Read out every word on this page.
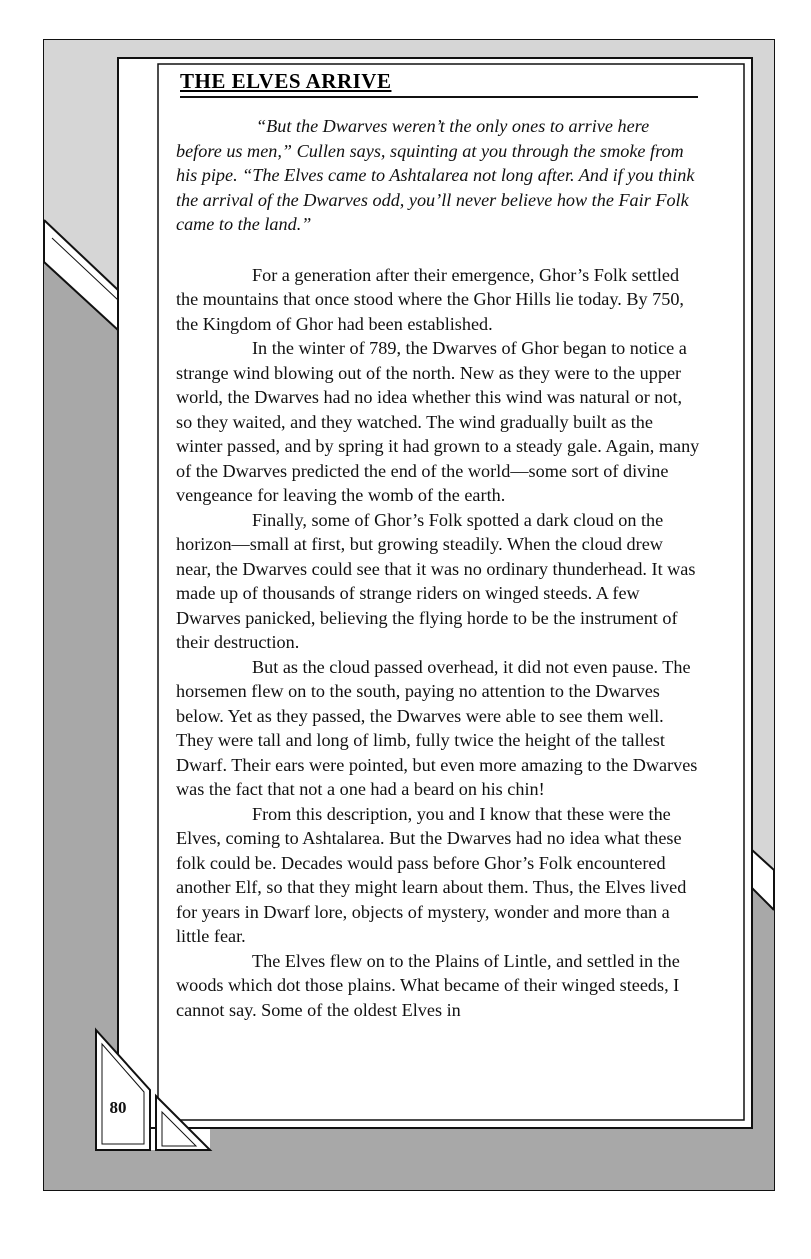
THE ELVES ARRIVE

“But the Dwarves weren’t the only ones to arrive here before us men,” Cullen says, squinting at you through the smoke from his pipe. “The Elves came to Ashtalarea not long after. And if you think the arrival of the Dwarves odd, you’ll never believe how the Fair Folk came to the land.”

For a generation after their emergence, Ghor’s Folk settled the mountains that once stood where the Ghor Hills lie today. By 750, the Kingdom of Ghor had been established.

In the winter of 789, the Dwarves of Ghor began to notice a strange wind blowing out of the north. New as they were to the upper world, the Dwarves had no idea whether this wind was natural or not, so they waited, and they watched. The wind gradually built as the winter passed, and by spring it had grown to a steady gale. Again, many of the Dwarves predicted the end of the world—some sort of divine vengeance for leaving the womb of the earth.

Finally, some of Ghor’s Folk spotted a dark cloud on the horizon—small at first, but growing steadily. When the cloud drew near, the Dwarves could see that it was no ordinary thunderhead. It was made up of thousands of strange riders on winged steeds. A few Dwarves panicked, believing the flying horde to be the instrument of their destruction.

But as the cloud passed overhead, it did not even pause. The horsemen flew on to the south, paying no attention to the Dwarves below. Yet as they passed, the Dwarves were able to see them well. They were tall and long of limb, fully twice the height of the tallest Dwarf. Their ears were pointed, but even more amazing to the Dwarves was the fact that not a one had a beard on his chin!

From this description, you and I know that these were the Elves, coming to Ashtalarea. But the Dwarves had no idea what these folk could be. Decades would pass before Ghor’s Folk encountered another Elf, so that they might learn about them. Thus, the Elves lived for years in Dwarf lore, objects of mystery, wonder and more than a little fear.

The Elves flew on to the Plains of Lintle, and settled in the woods which dot those plains. What became of their winged steeds, I cannot say. Some of the oldest Elves in

80
